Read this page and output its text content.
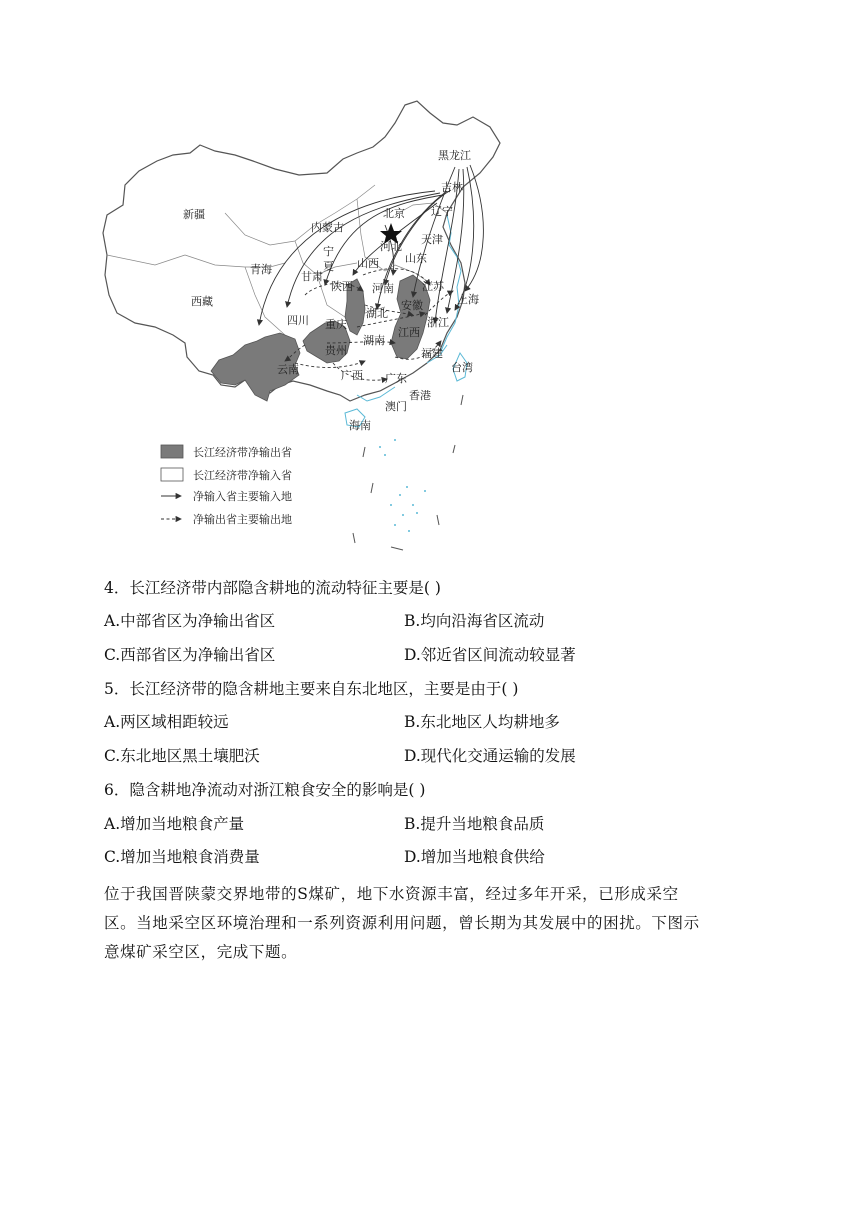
新疆
内蒙古
青海
西藏
宁
夏
甘肃
陕西
山西
北京
河北
天津
山东
河南
辽宁
吉林
黑龙江
四川 重庆
湖北
安徽
江苏
上海
浙江
江西
湖南
贵州
云南	广西 广东
福建
台湾
香港
澳门
海南
长江经济带净输出省
长江经济带净输入省
净输入省主要输入地
净输出省主要输出地
4．长江经济带内部隐含耕地的流动特征主要是( )
A.中部省区为净输出省区	B.均向沿海省区流动
C.西部省区为净输出省区	D.邻近省区间流动较显著
5．长江经济带的隐含耕地主要来自东北地区，主要是由于( )
A.两区域相距较远	B.东北地区人均耕地多
C.东北地区黑土壤肥沃	D.现代化交通运输的发展
6．隐含耕地净流动对浙江粮食安全的影响是( )
A.增加当地粮食产量	B.提升当地粮食品质
C.增加当地粮食消费量	D.增加当地粮食供给

位于我国晋陕蒙交界地带的S煤矿，地下水资源丰富，经过多年开采，已形成采空

区。当地采空区环境治理和一系列资源利用问题，曾长期为其发展中的困扰。下图示

意煤矿采空区，完成下题。
